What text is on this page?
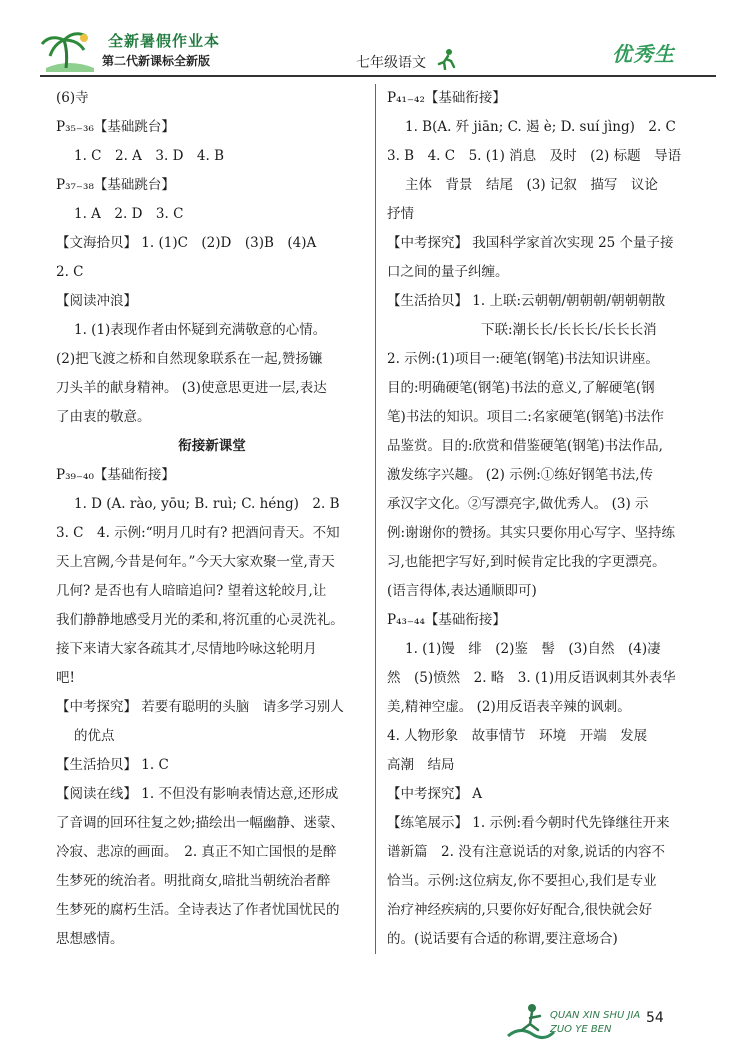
全新暑假作业本
第二代新课标全新版	七年级语文	优秀生
(6)寺
P₃₅₋₃₆【基础跳台】
1. C　2. A　3. D　4. B
P₃₇₋₃₈【基础跳台】
1. A　2. D　3. C
【文海拾贝】 1. (1)C　(2)D　(3)B　(4)A
2. C
【阅读冲浪】
1. (1)表现作者由怀疑到充满敬意的心情。
(2)把飞渡之桥和自然现象联系在一起,赞扬镰
刀头羊的献身精神。 (3)使意思更进一层,表达
了由衷的敬意。
衔接新课堂
P₃₉₋₄₀【基础衔接】
1. D (A. rào, yōu; B. ruì; C. héng)　2. B
3. C　4. 示例:“明月几时有? 把酒问青天。不知
天上宫阙,今昔是何年。”今天大家欢聚一堂,青天
几何? 是否也有人暗暗追问? 望着这轮皎月,让
我们静静地感受月光的柔和,将沉重的心灵洗礼。
接下来请大家各疏其才,尽情地吟咏这轮明月
吧!
【中考探究】 若要有聪明的头脑　请多学习别人
的优点
【生活拾贝】 1. C
【阅读在线】 1. 不但没有影响表情达意,还形成
了音调的回环往复之妙;描绘出一幅幽静、迷蒙、
冷寂、悲凉的画面。　2. 真正不知亡国恨的是醉
生梦死的统治者。明批商女,暗批当朝统治者醉
生梦死的腐朽生活。全诗表达了作者忧国忧民的
思想感情。
P₄₁₋₄₂【基础衔接】
1. B(A. 歼 jiān; C. 遏 è; D. suí jìng)　2. C
3. B　4. C　5. (1) 消息　及时　(2) 标题　导语
主体　背景　结尾　(3) 记叙　描写　议论
抒情
【中考探究】 我国科学家首次实现 25 个量子接
口之间的量子纠缠。
【生活拾贝】 1. 上联:云朝朝/朝朝朝/朝朝朝散
下联:潮长长/长长长/长长长消
2. 示例:(1)项目一:硬笔(钢笔)书法知识讲座。
目的:明确硬笔(钢笔)书法的意义,了解硬笔(钢
笔)书法的知识。项目二:名家硬笔(钢笔)书法作
品鉴赏。目的:欣赏和借鉴硬笔(钢笔)书法作品,
激发练字兴趣。 (2) 示例:①练好钢笔书法,传
承汉字文化。②写漂亮字,做优秀人。 (3) 示
例:谢谢你的赞扬。其实只要你用心写字、坚持练
习,也能把字写好,到时候肯定比我的字更漂亮。
(语言得体,表达通顺即可)
P₄₃₋₄₄【基础衔接】
1. (1)馒　绯　(2)鉴　髻　(3)自然　(4)凄
然　(5)愤然　2. 略　3. (1)用反语讽刺其外表华
美,精神空虚。 (2)用反语表辛辣的讽刺。
4. 人物形象　故事情节　环境　开端　发展
高潮　结局
【中考探究】 A
【练笔展示】 1. 示例:看今朝时代先锋继往开来
谱新篇　2. 没有注意说话的对象,说话的内容不
恰当。示例:这位病友,你不要担心,我们是专业
治疗神经疾病的,只要你好好配合,很快就会好
的。(说话要有合适的称谓,要注意场合)
QUAN XIN SHU JIA
ZUO YE BEN
54
